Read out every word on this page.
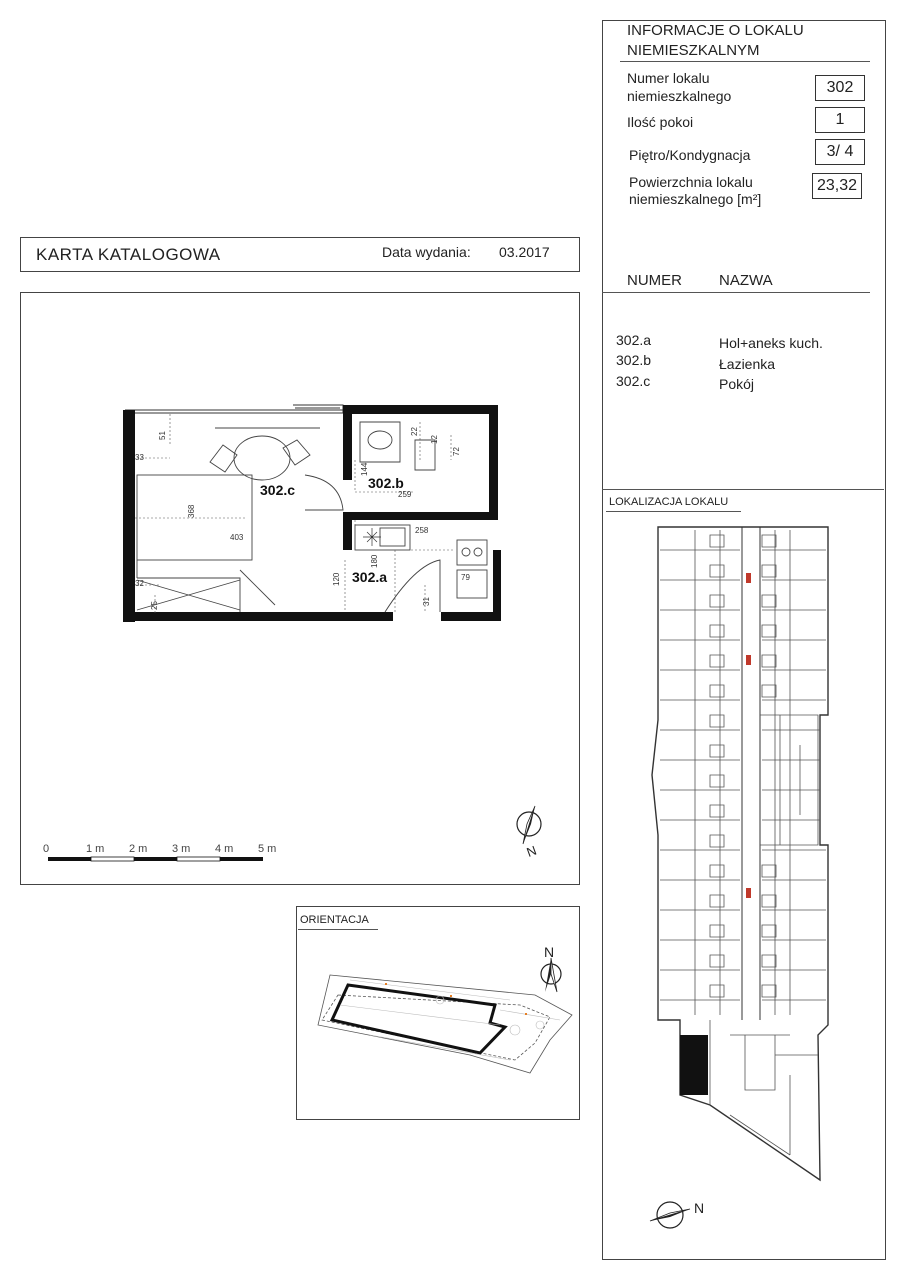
INFORMACJE O LOKALU
NIEMIESZKALNYM
Numer lokalu
niemieszkalnego	302
Ilość pokoi	1
Piętro/Kondygnacja	3/ 4
Powierzchnia lokalu
niemieszkalnego [m²]
23,32
NUMER NAZWA
302.a	Hol+aneks kuch.
302.b	Łazienka
302.c	Pokój
LOKALIZACJA LOKALU
N
KARTA KATALOGOWA	Data wydania: 03.2017
302.c	302.b
302.a
51
33
368
403
32
25
144
259
22
12
72
258
120
180
31
79
0	1 m 2 m 3 m 4 m 5 m	N
ORIENTACJA
N
